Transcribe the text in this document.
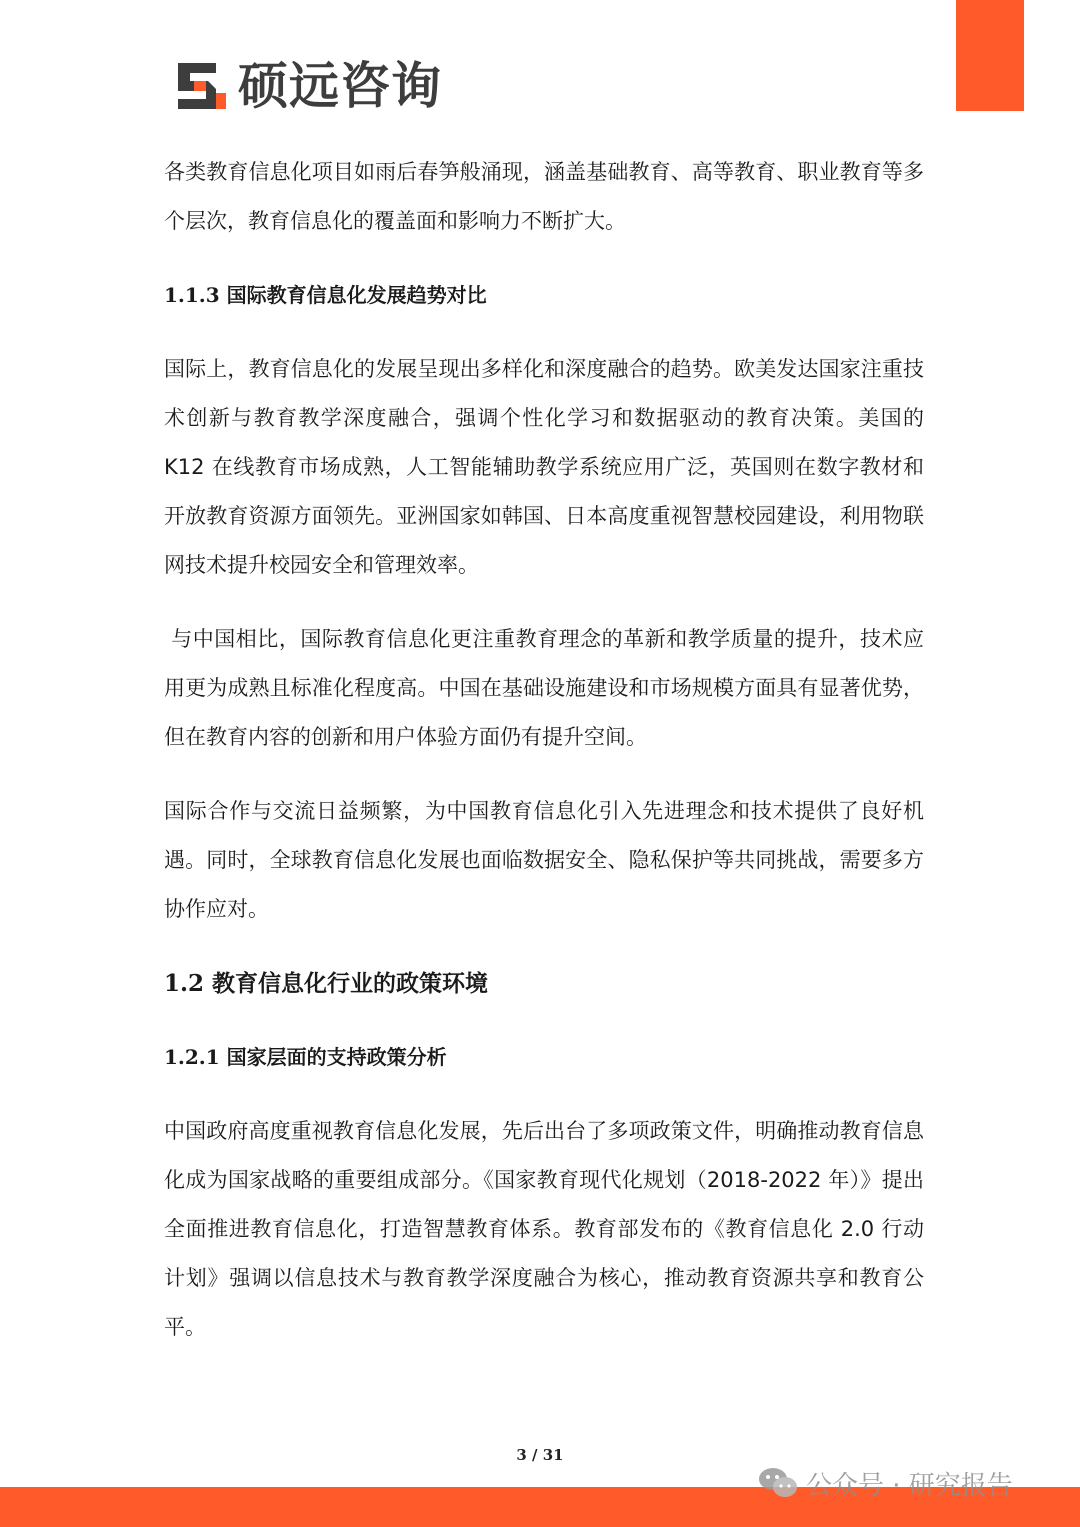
硕远咨询

各类教育信息化项目如雨后春笋般涌现，涵盖基础教育、高等教育、职业教育等多个层次，教育信息化的覆盖面和影响力不断扩大。

1.1.3 国际教育信息化发展趋势对比

国际上，教育信息化的发展呈现出多样化和深度融合的趋势。欧美发达国家注重技术创新与教育教学深度融合，强调个性化学习和数据驱动的教育决策。美国的 K12 在线教育市场成熟，人工智能辅助教学系统应用广泛，英国则在数字教材和开放教育资源方面领先。亚洲国家如韩国、日本高度重视智慧校园建设，利用物联网技术提升校园安全和管理效率。

与中国相比，国际教育信息化更注重教育理念的革新和教学质量的提升，技术应用更为成熟且标准化程度高。中国在基础设施建设和市场规模方面具有显著优势，但在教育内容的创新和用户体验方面仍有提升空间。

国际合作与交流日益频繁，为中国教育信息化引入先进理念和技术提供了良好机遇。同时，全球教育信息化发展也面临数据安全、隐私保护等共同挑战，需要多方协作应对。

1.2 教育信息化行业的政策环境
1.2.1 国家层面的支持政策分析

中国政府高度重视教育信息化发展，先后出台了多项政策文件，明确推动教育信息化成为国家战略的重要组成部分。《国家教育现代化规划（2018-2022 年）》提出全面推进教育信息化，打造智慧教育体系。教育部发布的《教育信息化 2.0 行动计划》强调以信息技术与教育教学深度融合为核心，推动教育资源共享和教育公平。

3 / 31
公众号 · 研究报告
